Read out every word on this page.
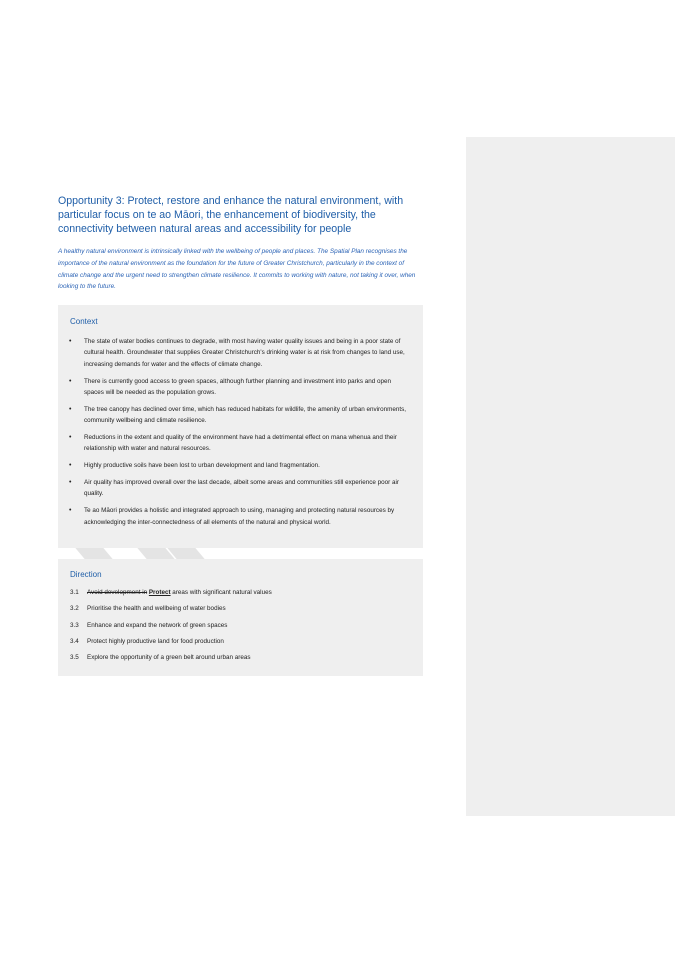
Opportunity 3: Protect, restore and enhance the natural environment, with particular focus on te ao Māori, the enhancement of biodiversity, the connectivity between natural areas and accessibility for people

A healthy natural environment is intrinsically linked with the wellbeing of people and places. The Spatial Plan recognises the importance of the natural environment as the foundation for the future of Greater Christchurch, particularly in the context of climate change and the urgent need to strengthen climate resilience. It commits to working with nature, not taking it over, when looking to the future.

Context
• The state of water bodies continues to degrade, with most having water quality issues and being in a poor state of cultural health. Groundwater that supplies Greater Christchurch's drinking water is at risk from changes to land use, increasing demands for water and the effects of climate change.
• There is currently good access to green spaces, although further planning and investment into parks and open spaces will be needed as the population grows.
• The tree canopy has declined over time, which has reduced habitats for wildlife, the amenity of urban environments, community wellbeing and climate resilience.
• Reductions in the extent and quality of the environment have had a detrimental effect on mana whenua and their relationship with water and natural resources.
• Highly productive soils have been lost to urban development and land fragmentation.
• Air quality has improved overall over the last decade, albeit some areas and communities still experience poor air quality.
• Te ao Māori provides a holistic and integrated approach to using, managing and protecting natural resources by acknowledging the inter-connectedness of all elements of the natural and physical world.
Direction
3.1	Avoid development in Protect areas with significant natural values
3.2	Prioritise the health and wellbeing of water bodies
3.3	Enhance and expand the network of green spaces
3.4	Protect highly productive land for food production
3.5	Explore the opportunity of a green belt around urban areas
